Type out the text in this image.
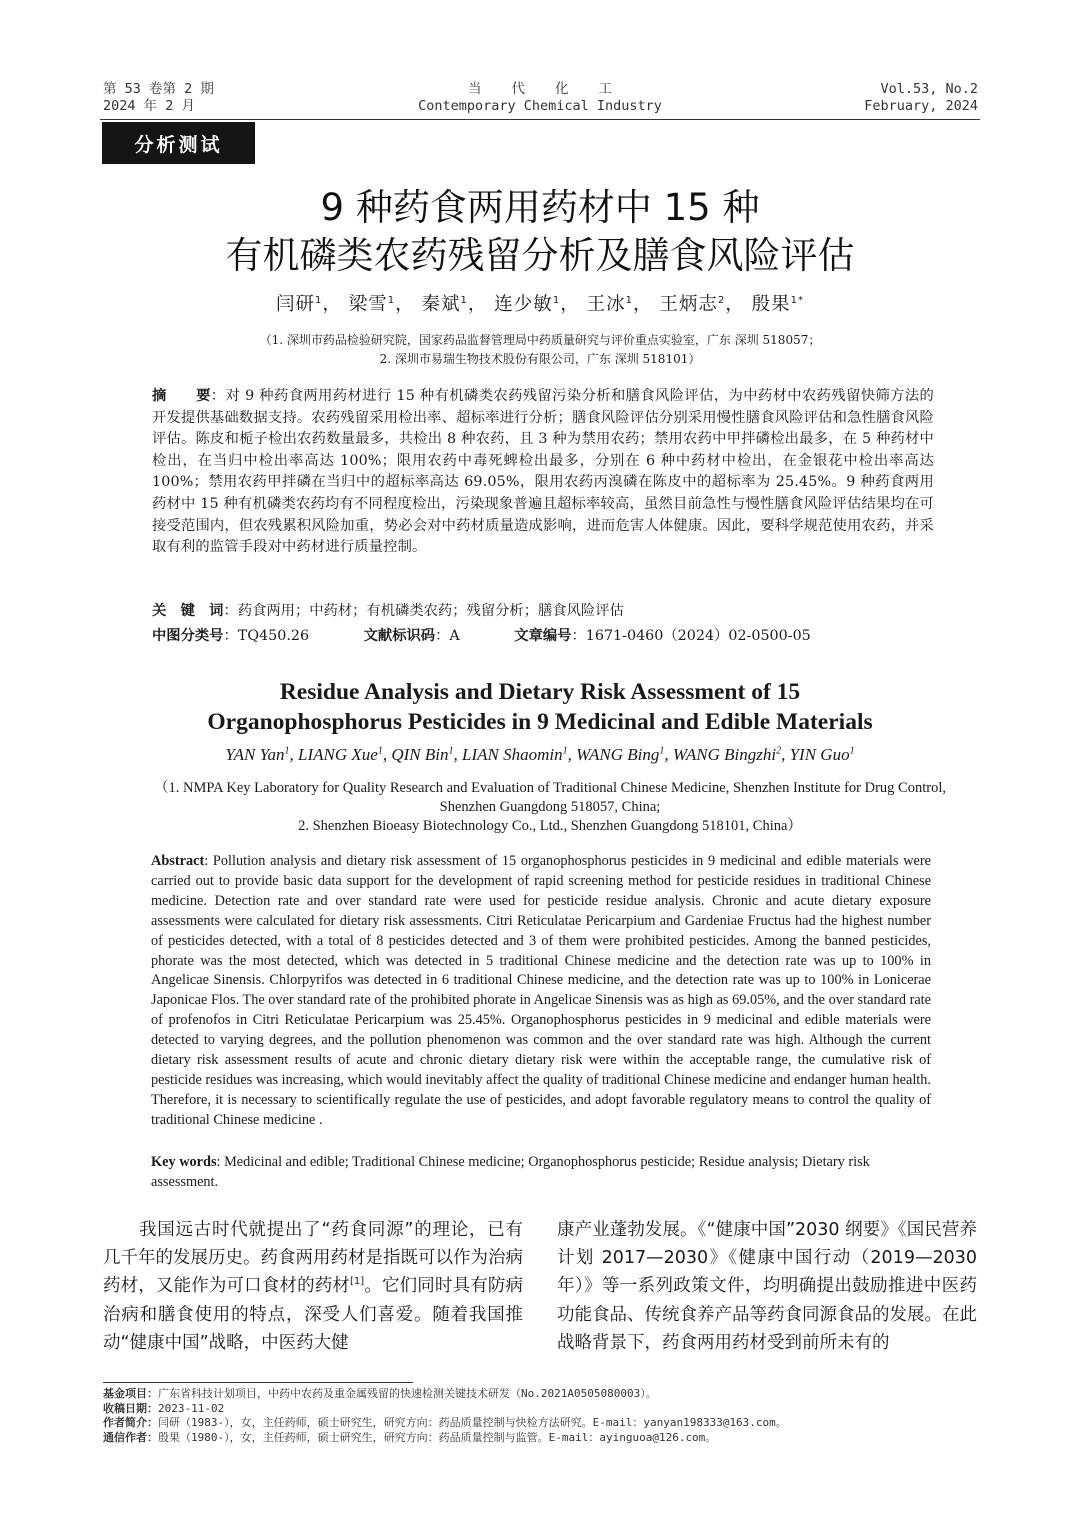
第 53 卷第 2 期
2024 年 2 月
当代化工
Contemporary Chemical Industry
Vol.53, No.2
February, 2024
分析测试
9 种药食两用药材中 15 种
有机磷类农药残留分析及膳食风险评估
闫研$^1$， 梁雪$^1$， 秦斌$^1$， 连少敏$^1$， 王冰$^1$， 王炳志$^2$， 殷果$^{1*}$
（1. 深圳市药品检验研究院，国家药品监督管理局中药质量研究与评价重点实验室，广东 深圳 518057；
2. 深圳市易瑞生物技术股份有限公司，广东 深圳 518101）
摘　　要：对 9 种药食两用药材进行 15 种有机磷类农药残留污染分析和膳食风险评估，为中药材中农药残留快筛方法的开发提供基础数据支持。农药残留采用检出率、超标率进行分析；膳食风险评估分别采用慢性膳食风险评估和急性膳食风险评估。陈皮和栀子检出农药数量最多，共检出 8 种农药，且 3 种为禁用农药；禁用农药中甲拌磷检出最多，在 5 种药材中检出，在当归中检出率高达 100%；限用农药中毒死蜱检出最多，分别在 6 种中药材中检出，在金银花中检出率高达 100%；禁用农药甲拌磷在当归中的超标率高达 69.05%，限用农药丙溴磷在陈皮中的超标率为 25.45%。9 种药食两用药材中 15 种有机磷类农药均有不同程度检出，污染现象普遍且超标率较高，虽然目前急性与慢性膳食风险评估结果均在可接受范围内，但农残累积风险加重，势必会对中药材质量造成影响，进而危害人体健康。因此，要科学规范使用农药，并采取有利的监管手段对中药材进行质量控制。
关　键　词：药食两用；中药材；有机磷类农药；残留分析；膳食风险评估
中图分类号：TQ450.26	文献标识码：A	文章编号：1671-0460（2024）02-0500-05
Residue Analysis and Dietary Risk Assessment of 15
Organophosphorus Pesticides in 9 Medicinal and Edible Materials
YAN Yan$^1$, LIANG Xue$^1$, QIN Bin$^1$, LIAN Shaomin$^1$, WANG Bing$^1$, WANG Bingzhi$^2$, YIN Guo$^1$
（1. NMPA Key Laboratory for Quality Research and Evaluation of Traditional Chinese Medicine, Shenzhen Institute for Drug Control, Shenzhen Guangdong 518057, China;
2. Shenzhen Bioeasy Biotechnology Co., Ltd., Shenzhen Guangdong 518101, China）
Abstract: Pollution analysis and dietary risk assessment of 15 organophosphorus pesticides in 9 medicinal and edible materials were carried out to provide basic data support for the development of rapid screening method for pesticide residues in traditional Chinese medicine. Detection rate and over standard rate were used for pesticide residue analysis. Chronic and acute dietary exposure assessments were calculated for dietary risk assessments. Citri Reticulatae Pericarpium and Gardeniae Fructus had the highest number of pesticides detected, with a total of 8 pesticides detected and 3 of them were prohibited pesticides. Among the banned pesticides, phorate was the most detected, which was detected in 5 traditional Chinese medicine and the detection rate was up to 100% in Angelicae Sinensis. Chlorpyrifos was detected in 6 traditional Chinese medicine, and the detection rate was up to 100% in Lonicerae Japonicae Flos. The over standard rate of the prohibited phorate in Angelicae Sinensis was as high as 69.05%, and the over standard rate of profenofos in Citri Reticulatae Pericarpium was 25.45%. Organophosphorus pesticides in 9 medicinal and edible materials were detected to varying degrees, and the pollution phenomenon was common and the over standard rate was high. Although the current dietary risk assessment results of acute and chronic dietary dietary risk were within the acceptable range, the cumulative risk of pesticide residues was increasing, which would inevitably affect the quality of traditional Chinese medicine and endanger human health. Therefore, it is necessary to scientifically regulate the use of pesticides, and adopt favorable regulatory means to control the quality of traditional Chinese medicine .
Key words: Medicinal and edible; Traditional Chinese medicine; Organophosphorus pesticide; Residue analysis; Dietary risk assessment.
我国远古时代就提出了“药食同源”的理论，已有几千年的发展历史。药食两用药材是指既可以作为治病药材，又能作为可口食材的药材[1]。它们同时具有防病治病和膳食使用的特点，深受人们喜爱。随着我国推动“健康中国”战略，中医药大健
康产业蓬勃发展。《“健康中国”2030 纲要》《国民营养计划 2017—2030》《健康中国行动（2019—2030 年）》等一系列政策文件，均明确提出鼓励推进中医药功能食品、传统食养产品等药食同源食品的发展。在此战略背景下，药食两用药材受到前所未有的
基金项目：广东省科技计划项目，中药中农药及重金属残留的快速检测关键技术研发（No.2021A0505080003）。
收稿日期：2023-11-02
作者简介：闫研（1983-），女，主任药师，硕士研究生，研究方向：药品质量控制与快检方法研究。E-mail：yanyan198333@163.com。
通信作者：殷果（1980-），女，主任药师，硕士研究生，研究方向：药品质量控制与监管。E-mail：ayinguoa@126.com。
